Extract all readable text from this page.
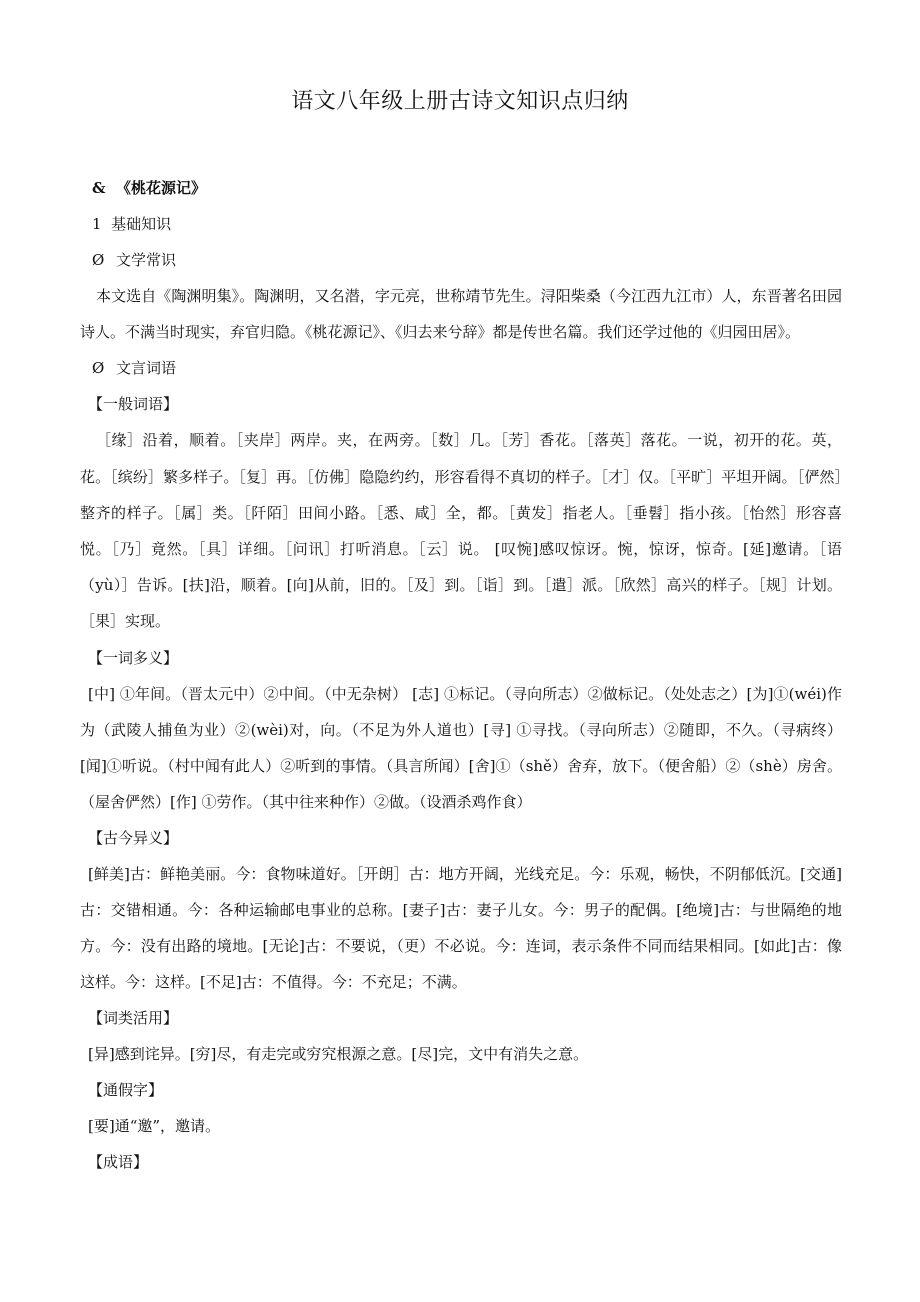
语文八年级上册古诗文知识点归纳
& 《桃花源记》
1 基础知识
Ø 文学常识
本文选自《陶渊明集》。陶渊明，又名潜，字元亮，世称靖节先生。浔阳柴桑（今江西九江市）人，东晋著名田园诗人。不满当时现实，弃官归隐。《桃花源记》、《归去来兮辞》都是传世名篇。我们还学过他的《归园田居》。
Ø 文言词语
【一般词语】
［缘］沿着，顺着。［夹岸］两岸。夹，在两旁。［数］几。［芳］香花。［落英］落花。一说，初开的花。英，花。［缤纷］繁多样子。［复］再。［仿佛］隐隐约约，形容看得不真切的样子。［才］仅。［平旷］平坦开阔。［俨然］整齐的样子。［属］类。［阡陌］田间小路。［悉、咸］全，都。［黄发］指老人。［垂髫］指小孩。［怡然］形容喜悦。［乃］竟然。［具］详细。［问讯］打听消息。［云］说。 [叹惋]感叹惊讶。惋，惊讶，惊奇。[延]邀请。［语（yù）］告诉。[扶]沿，顺着。[向]从前，旧的。［及］到。［诣］到。［遣］派。［欣然］高兴的样子。［规］计划。［果］实现。
【一词多义】
[中] ①年间。（晋太元中）②中间。（中无杂树） [志] ①标记。（寻向所志）②做标记。（处处志之）[为]①(wéi)作为（武陵人捕鱼为业）②(wèi)对，向。（不足为外人道也）[寻] ①寻找。（寻向所志）②随即，不久。（寻病终）[闻]①听说。（村中闻有此人）②听到的事情。（具言所闻）[舍]①（shě）舍弃，放下。（便舍船）②（shè）房舍。（屋舍俨然）[作] ①劳作。（其中往来种作）②做。（设酒杀鸡作食）
【古今异义】
[鲜美]古：鲜艳美丽。今：食物味道好。［开朗］古：地方开阔，光线充足。今：乐观，畅快，不阴郁低沉。[交通]古：交错相通。今：各种运输邮电事业的总称。[妻子]古：妻子儿女。今：男子的配偶。[绝境]古：与世隔绝的地方。今：没有出路的境地。[无论]古：不要说，（更）不必说。今：连词，表示条件不同而结果相同。[如此]古：像这样。今：这样。[不足]古：不值得。今：不充足；不满。
【词类活用】
[异]感到诧异。[穷]尽，有走完或穷究根源之意。[尽]完，文中有消失之意。
【通假字】
[要]通“邀”，邀请。
【成语】
